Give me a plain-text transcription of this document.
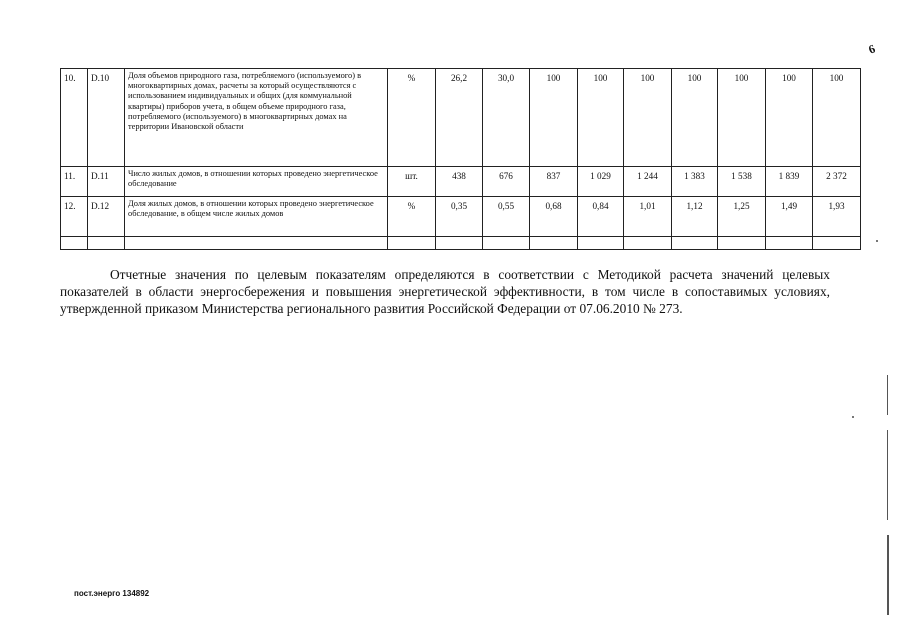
6
10.	D.10	Доля объемов природного газа, потребляемого (используемого) в многоквартирных домах, расчеты за который осуществляются с использованием индивидуальных и общих (для коммунальной квартиры) приборов учета, в общем объеме природного газа, потребляемого (используемого) в многоквартирных домах на территории Ивановской области	%	26,2	30,0	100	100	100	100	100	100	100
11.	D.11	Число жилых домов, в отношении которых проведено энергетическое обследование	шт.	438	676	837	1 029	1 244	1 383	1 538	1 839	2 372
12.	D.12	Доля жилых домов, в отношении которых проведено энергетическое обследование, в общем числе жилых домов	%	0,35	0,55	0,68	0,84	1,01	1,12	1,25	1,49	1,93

Отчетные значения по целевым показателям определяются в соответствии с Методикой расчета значений целевых показателей в области энергосбережения и повышения энергетической эффективности, в том числе в сопоставимых условиях, утвержденной приказом Министерства регионального развития Российской Федерации от 07.06.2010 № 273.

пост.энерго 134892
